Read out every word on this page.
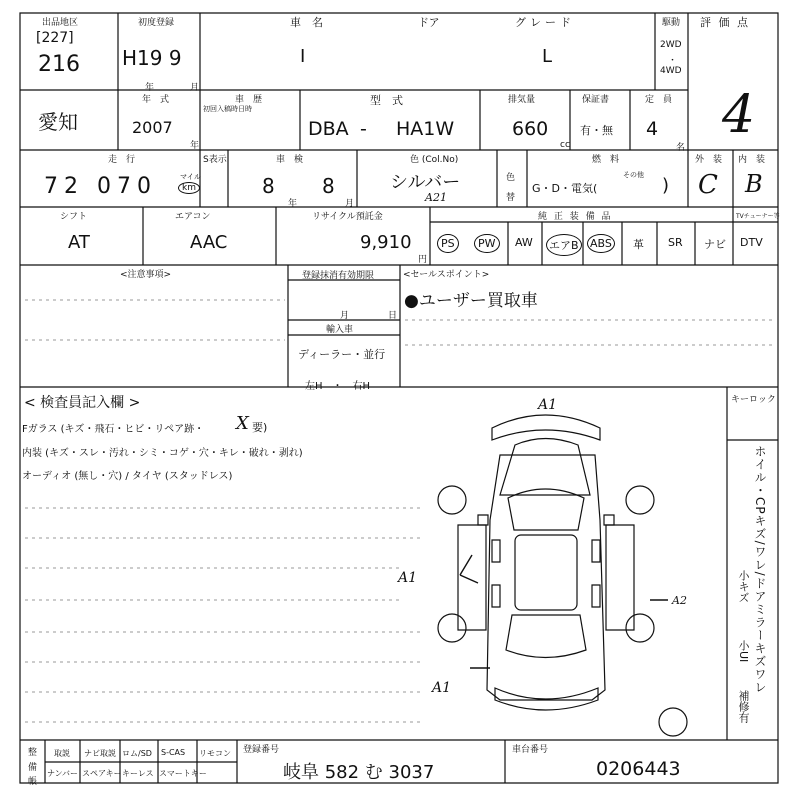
出品地区
[227]
216
初度登録
H19 9
年	月
車　名
I
ドア	グレード
L
駆動
2WD
・
4WD
評 価 点
4
愛知
年　式
2007
年
車　歴
初回入稿時日時
型　式
DBA - HA1W
排気量
660
cc
保証書
有・無
定　員
4
名
走　行
72 070	マイル
km
S表示	車　検
8
年
8
月
色 (Col.No)
シルバー
A21
色
替
燃　料
G・D・電気(
その他 )
外　装
C
内　装
B
シフト
AT
エアコン
AAC
リサイクル預託金
9,910
円
純 正 装 備 品	TVチューナー等
PS	PW	AW エアB ABS 革 SR ナビ DTV
<注意事項>	登録抹消有効期限
月	日
輸入車
ディーラー・並行
左H　・　右H
<セールスポイント>
●ユーザー買取車
< 検査員記入欄 >
Fガラス (キズ・飛石・ヒビ・リペア跡・ X 要)
内装 (キズ・スレ・汚れ・シミ・コゲ・穴・キレ・破れ・剥れ)
オーディオ (無し・穴) / タイヤ (スタッドレス)
A1
A1
A2
A1
キーロック
ホイル・CPキズ/ワレ/ドアミラーキズワレ
小キズ
小UI
補修有
整
備
帳
取説 ナビ取説 ロム/SD S-CAS リモコン
ナンバー スペアキー キーレス スマートキー
登録番号
岐阜 582 む 3037
車台番号
0206443
